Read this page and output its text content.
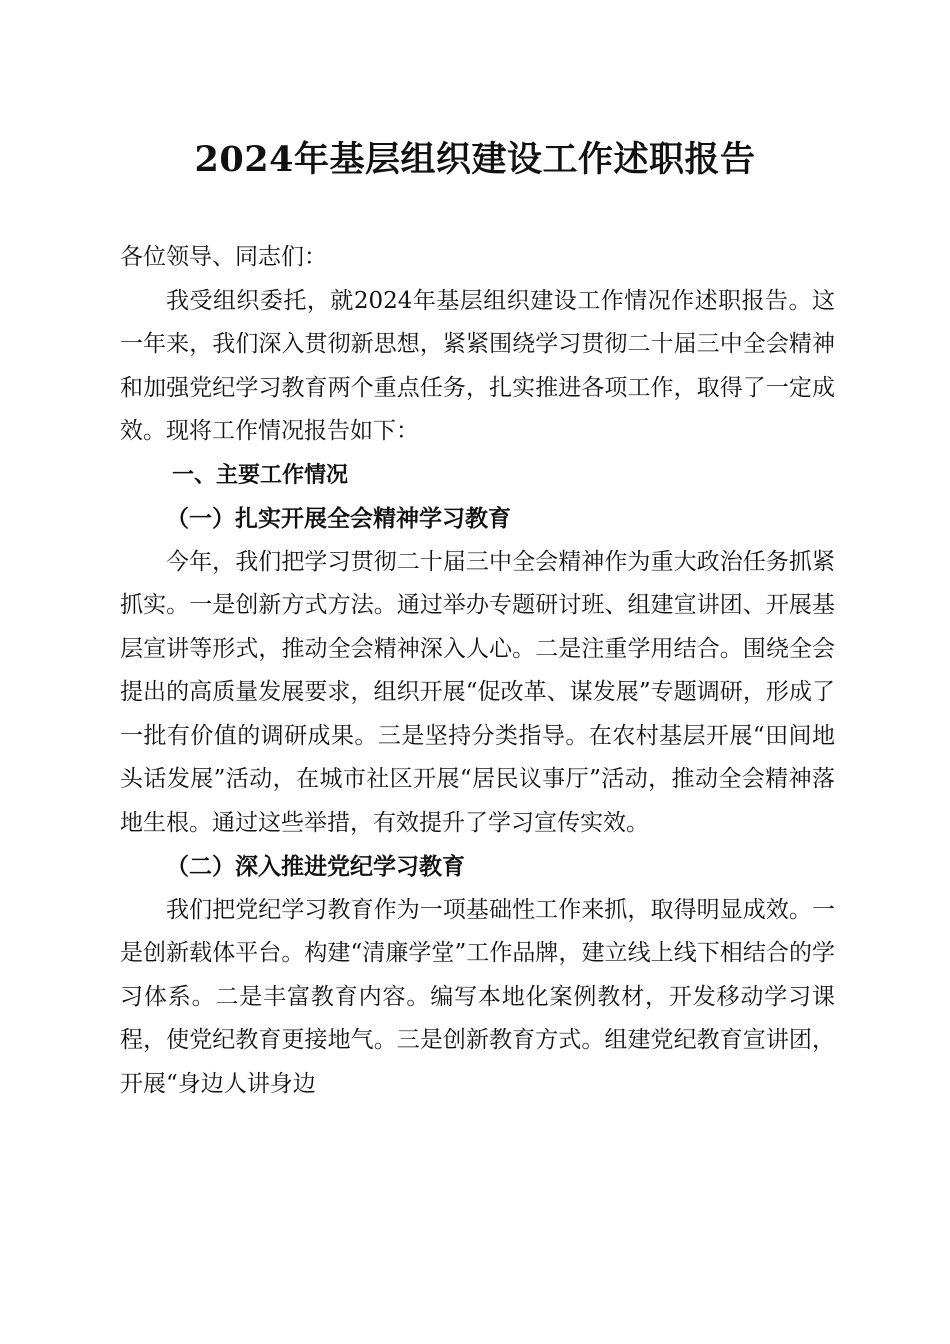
2024年基层组织建设工作述职报告

各位领导、同志们：

我受组织委托，就2024年基层组织建设工作情况作述职报告。这一年来，我们深入贯彻新思想，紧紧围绕学习贯彻二十届三中全会精神和加强党纪学习教育两个重点任务，扎实推进各项工作，取得了一定成效。现将工作情况报告如下：

一、主要工作情况

（一）扎实开展全会精神学习教育

今年，我们把学习贯彻二十届三中全会精神作为重大政治任务抓紧抓实。一是创新方式方法。通过举办专题研讨班、组建宣讲团、开展基层宣讲等形式，推动全会精神深入人心。二是注重学用结合。围绕全会提出的高质量发展要求，组织开展“促改革、谋发展”专题调研，形成了一批有价值的调研成果。三是坚持分类指导。在农村基层开展“田间地头话发展”活动，在城市社区开展“居民议事厅”活动，推动全会精神落地生根。通过这些举措，有效提升了学习宣传实效。

（二）深入推进党纪学习教育

我们把党纪学习教育作为一项基础性工作来抓，取得明显成效。一是创新载体平台。构建“清廉学堂”工作品牌，建立线上线下相结合的学习体系。二是丰富教育内容。编写本地化案例教材，开发移动学习课程，使党纪教育更接地气。三是创新教育方式。组建党纪教育宣讲团，开展“身边人讲身边
